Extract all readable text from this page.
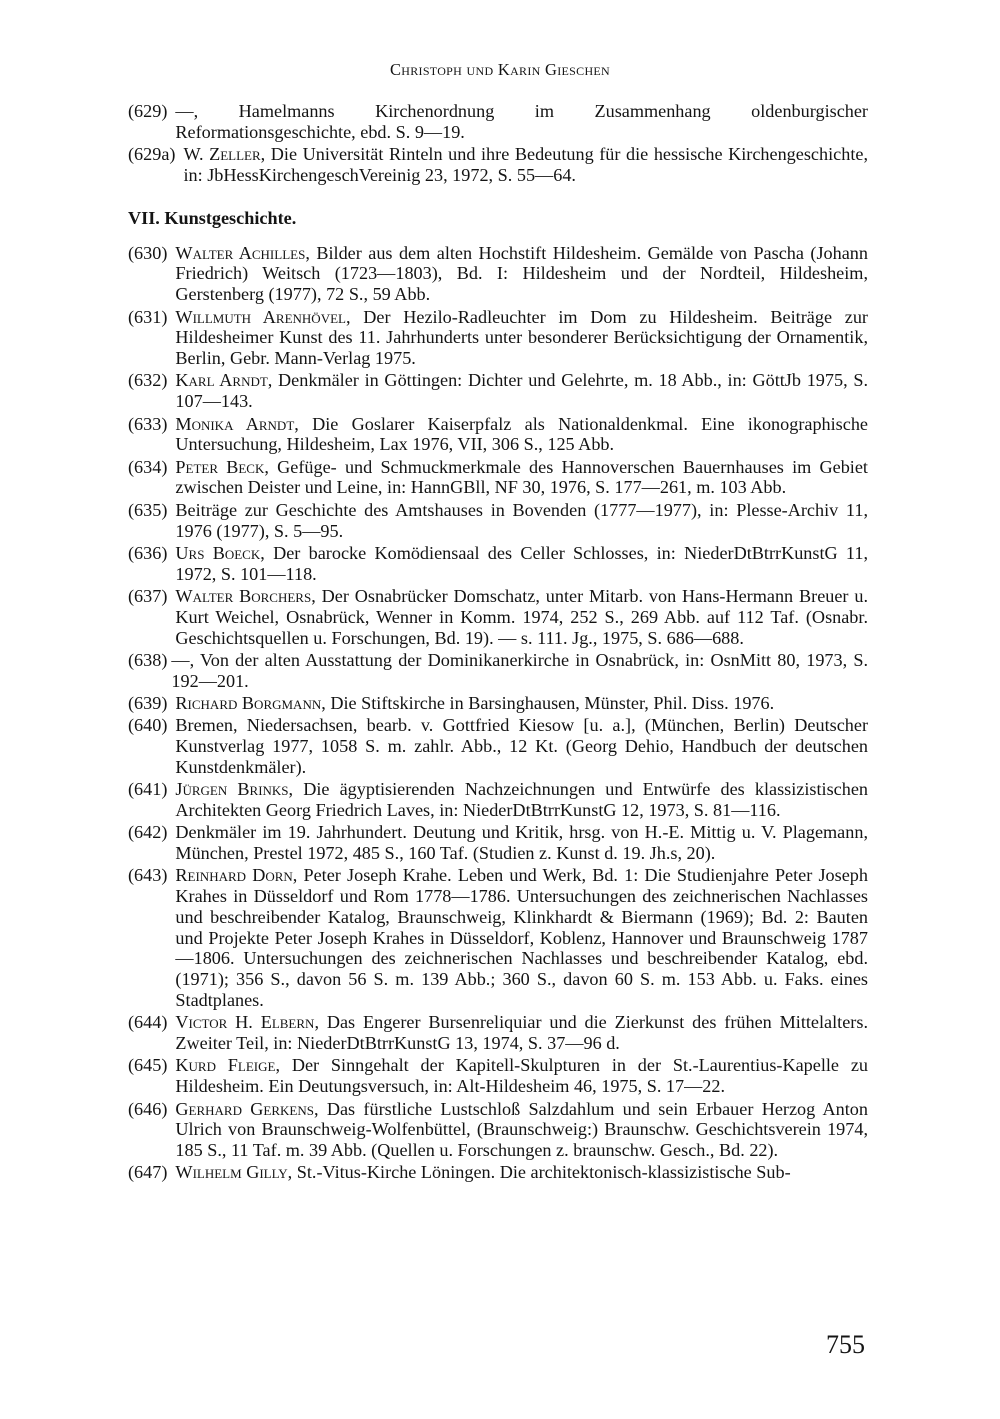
Christoph und Karin Gieschen
(629) —, Hamelmanns Kirchenordnung im Zusammenhang oldenburgischer Reformationsgeschichte, ebd. S. 9—19.
(629a) W. Zeller, Die Universität Rinteln und ihre Bedeutung für die hessische Kirchengeschichte, in: JbHessKirchengeschVereinig 23, 1972, S. 55—64.
VII. Kunstgeschichte.
(630) Walter Achilles, Bilder aus dem alten Hochstift Hildesheim. Gemälde von Pascha (Johann Friedrich) Weitsch (1723—1803), Bd. I: Hildesheim und der Nordteil, Hildesheim, Gerstenberg (1977), 72 S., 59 Abb.
(631) Willmuth Arenhövel, Der Hezilo-Radleuchter im Dom zu Hildesheim. Beiträge zur Hildesheimer Kunst des 11. Jahrhunderts unter besonderer Berücksichtigung der Ornamentik, Berlin, Gebr. Mann-Verlag 1975.
(632) Karl Arndt, Denkmäler in Göttingen: Dichter und Gelehrte, m. 18 Abb., in: GöttJb 1975, S. 107—143.
(633) Monika Arndt, Die Goslarer Kaiserpfalz als Nationaldenkmal. Eine ikonographische Untersuchung, Hildesheim, Lax 1976, VII, 306 S., 125 Abb.
(634) Peter Beck, Gefüge- und Schmuckmerkmale des Hannoverschen Bauernhauses im Gebiet zwischen Deister und Leine, in: HannGBll, NF 30, 1976, S. 177—261, m. 103 Abb.
(635) Beiträge zur Geschichte des Amtshauses in Bovenden (1777—1977), in: Plesse-Archiv 11, 1976 (1977), S. 5—95.
(636) Urs Boeck, Der barocke Komödiensaal des Celler Schlosses, in: NiederDtBtrrKunstG 11, 1972, S. 101—118.
(637) Walter Borchers, Der Osnabrücker Domschatz, unter Mitarb. von Hans-Hermann Breuer u. Kurt Weichel, Osnabrück, Wenner in Komm. 1974, 252 S., 269 Abb. auf 112 Taf. (Osnabr. Geschichtsquellen u. Forschungen, Bd. 19). — s. 111. Jg., 1975, S. 686—688.
(638) —, Von der alten Ausstattung der Dominikanerkirche in Osnabrück, in: OsnMitt 80, 1973, S. 192—201.
(639) Richard Borgmann, Die Stiftskirche in Barsinghausen, Münster, Phil. Diss. 1976.
(640) Bremen, Niedersachsen, bearb. v. Gottfried Kiesow [u. a.], (München, Berlin) Deutscher Kunstverlag 1977, 1058 S. m. zahlr. Abb., 12 Kt. (Georg Dehio, Handbuch der deutschen Kunstdenkmäler).
(641) Jürgen Brinks, Die ägyptisierenden Nachzeichnungen und Entwürfe des klassizistischen Architekten Georg Friedrich Laves, in: NiederDtBtrrKunstG 12, 1973, S. 81—116.
(642) Denkmäler im 19. Jahrhundert. Deutung und Kritik, hrsg. von H.-E. Mittig u. V. Plagemann, München, Prestel 1972, 485 S., 160 Taf. (Studien z. Kunst d. 19. Jh.s, 20).
(643) Reinhard Dorn, Peter Joseph Krahe. Leben und Werk, Bd. 1: Die Studienjahre Peter Joseph Krahes in Düsseldorf und Rom 1778—1786. Untersuchungen des zeichnerischen Nachlasses und beschreibender Katalog, Braunschweig, Klinkhardt & Biermann (1969); Bd. 2: Bauten und Projekte Peter Joseph Krahes in Düsseldorf, Koblenz, Hannover und Braunschweig 1787—1806. Untersuchungen des zeichnerischen Nachlasses und beschreibender Katalog, ebd. (1971); 356 S., davon 56 S. m. 139 Abb.; 360 S., davon 60 S. m. 153 Abb. u. Faks. eines Stadtplanes.
(644) Victor H. Elbern, Das Engerer Bursenreliquiar und die Zierkunst des frühen Mittelalters. Zweiter Teil, in: NiederDtBtrrKunstG 13, 1974, S. 37—96 d.
(645) Kurd Fleige, Der Sinngehalt der Kapitell-Skulpturen in der St.-Laurentius-Kapelle zu Hildesheim. Ein Deutungsversuch, in: Alt-Hildesheim 46, 1975, S. 17—22.
(646) Gerhard Gerkens, Das fürstliche Lustschloß Salzdahlum und sein Erbauer Herzog Anton Ulrich von Braunschweig-Wolfenbüttel, (Braunschweig:) Braunschw. Geschichtsverein 1974, 185 S., 11 Taf. m. 39 Abb. (Quellen u. Forschungen z. braunschw. Gesch., Bd. 22).
(647) Wilhelm Gilly, St.-Vitus-Kirche Löningen. Die architektonisch-klassizistische Sub-
755
